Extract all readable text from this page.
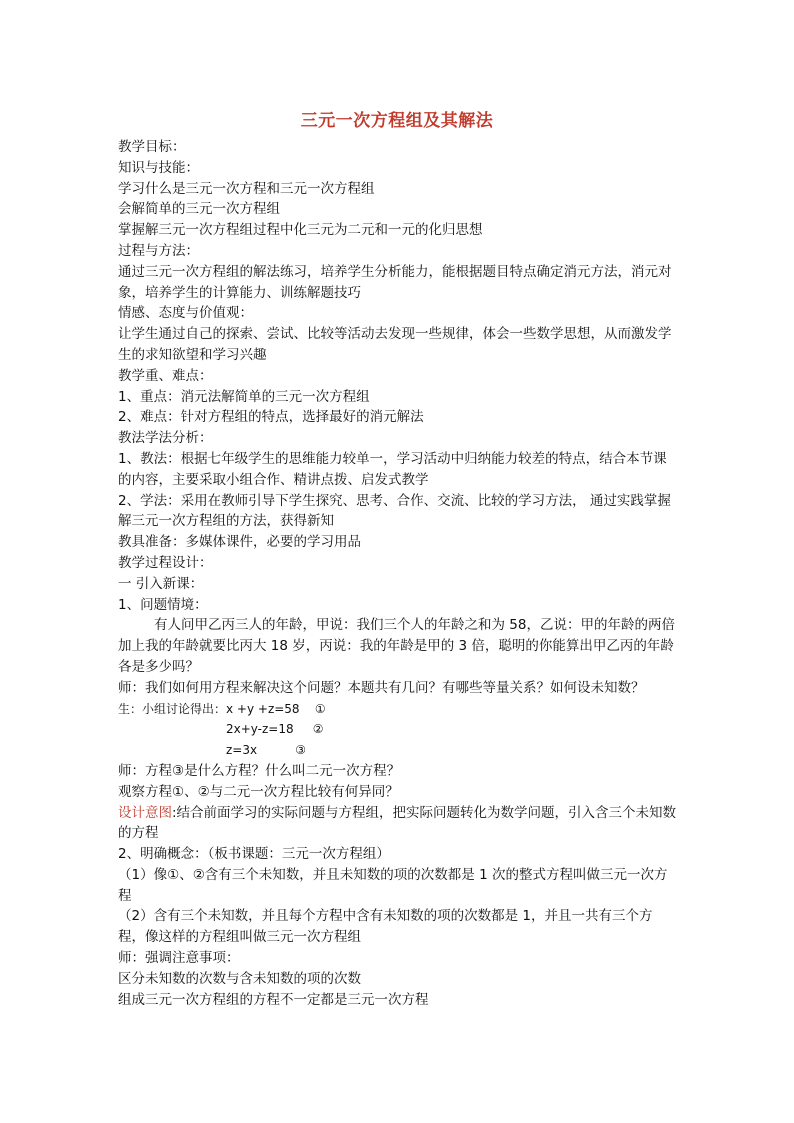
三元一次方程组及其解法

教学目标：

知识与技能：

学习什么是三元一次方程和三元一次方程组

会解简单的三元一次方程组

掌握解三元一次方程组过程中化三元为二元和一元的化归思想

过程与方法：

通过三元一次方程组的解法练习，培养学生分析能力，能根据题目特点确定消元方法，消元对象，培养学生的计算能力、训练解题技巧

情感、态度与价值观：

让学生通过自己的探索、尝试、比较等活动去发现一些规律，体会一些数学思想，从而激发学生的求知欲望和学习兴趣

教学重、难点：

1、重点：消元法解简单的三元一次方程组

2、难点：针对方程组的特点，选择最好的消元解法

教法学法分析：

1、教法：根据七年级学生的思维能力较单一，学习活动中归纳能力较差的特点，结合本节课的内容，主要采取小组合作、精讲点拨、启发式教学

2、学法：采用在教师引导下学生探究、思考、合作、交流、比较的学习方法， 通过实践掌握解三元一次方程组的方法，获得新知

教具准备：多媒体课件，必要的学习用品

教学过程设计：

一 引入新课：

1、问题情境：

有人问甲乙丙三人的年龄，甲说：我们三个人的年龄之和为 58，乙说：甲的年龄的两倍加上我的年龄就要比丙大 18 岁，丙说：我的年龄是甲的 3 倍，聪明的你能算出甲乙丙的年龄各是多少吗？

师：我们如何用方程来解决这个问题？本题共有几问？有哪些等量关系？如何设未知数？

生：小组讨论得出：x +y +z=58    ①

2x+y-z=18     ②

z=3x          ③

师：方程③是什么方程？什么叫二元一次方程？

观察方程①、②与二元一次方程比较有何异同？

设计意图:结合前面学习的实际问题与方程组，把实际问题转化为数学问题，引入含三个未知数的方程

2、明确概念：（板书课题：三元一次方程组）

（1）像①、②含有三个未知数，并且未知数的项的次数都是 1 次的整式方程叫做三元一次方程

（2）含有三个未知数，并且每个方程中含有未知数的项的次数都是 1，并且一共有三个方程，像这样的方程组叫做三元一次方程组

师：强调注意事项：

区分未知数的次数与含未知数的项的次数

组成三元一次方程组的方程不一定都是三元一次方程
